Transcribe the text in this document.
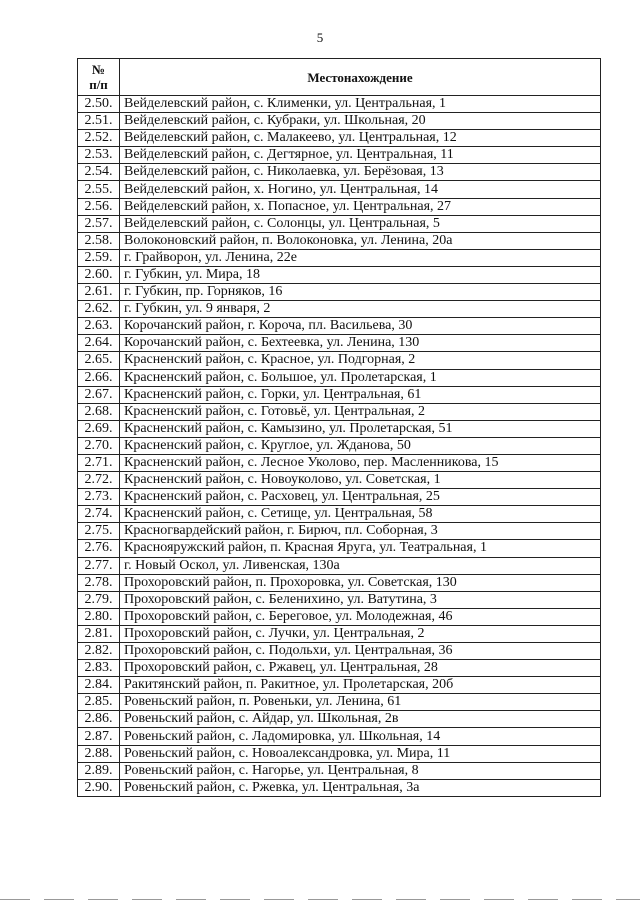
5
№
п/п	Местонахождение
2.50.	Вейделевский район, с. Клименки, ул. Центральная, 1
2.51.	Вейделевский район, с. Кубраки, ул. Школьная, 20
2.52.	Вейделевский район, с. Малакеево, ул. Центральная, 12
2.53.	Вейделевский район, с. Дегтярное, ул. Центральная, 11
2.54.	Вейделевский район, с. Николаевка, ул. Берёзовая, 13
2.55.	Вейделевский район, х. Ногино, ул. Центральная, 14
2.56.	Вейделевский район, х. Попасное, ул. Центральная, 27
2.57.	Вейделевский район, с. Солонцы, ул. Центральная, 5
2.58.	Волоконовский район, п. Волоконовка, ул. Ленина, 20а
2.59.	г. Грайворон, ул. Ленина, 22е
2.60.	г. Губкин, ул. Мира, 18
2.61.	г. Губкин, пр. Горняков, 16
2.62.	г. Губкин, ул. 9 января, 2
2.63.	Корочанский район, г. Короча, пл. Васильева, 30
2.64.	Корочанский район, с. Бехтеевка, ул. Ленина, 130
2.65.	Красненский район, с. Красное, ул. Подгорная, 2
2.66.	Красненский район, с. Большое, ул. Пролетарская, 1
2.67.	Красненский район, с. Горки, ул. Центральная, 61
2.68.	Красненский район, с. Готовьё, ул. Центральная, 2
2.69.	Красненский район, с. Камызино, ул. Пролетарская, 51
2.70.	Красненский район, с. Круглое, ул. Жданова, 50
2.71.	Красненский район, с. Лесное Уколово, пер. Масленникова, 15
2.72.	Красненский район, с. Новоуколово, ул. Советская, 1
2.73.	Красненский район, с. Расховец, ул. Центральная, 25
2.74.	Красненский район, с. Сетище, ул. Центральная, 58
2.75.	Красногвардейский район, г. Бирюч, пл. Соборная, 3
2.76.	Краснояружский район, п. Красная Яруга, ул. Театральная, 1
2.77.	г. Новый Оскол, ул. Ливенская, 130а
2.78.	Прохоровский район, п. Прохоровка, ул. Советская, 130
2.79.	Прохоровский район, с. Беленихино, ул. Ватутина, 3
2.80.	Прохоровский район, с. Береговое, ул. Молодежная, 46
2.81.	Прохоровский район, с. Лучки, ул. Центральная, 2
2.82.	Прохоровский район, с. Подольхи, ул. Центральная, 36
2.83.	Прохоровский район, с. Ржавец, ул. Центральная, 28
2.84.	Ракитянский район, п. Ракитное, ул. Пролетарская, 20б
2.85.	Ровеньский район, п. Ровеньки, ул. Ленина, 61
2.86.	Ровеньский район, с. Айдар, ул. Школьная, 2в
2.87.	Ровеньский район, с. Ладомировка, ул. Школьная, 14
2.88.	Ровеньский район, с. Новоалександровка, ул. Мира, 11
2.89.	Ровеньский район, с. Нагорье, ул. Центральная, 8
2.90.	Ровеньский район, с. Ржевка, ул. Центральная, 3а
